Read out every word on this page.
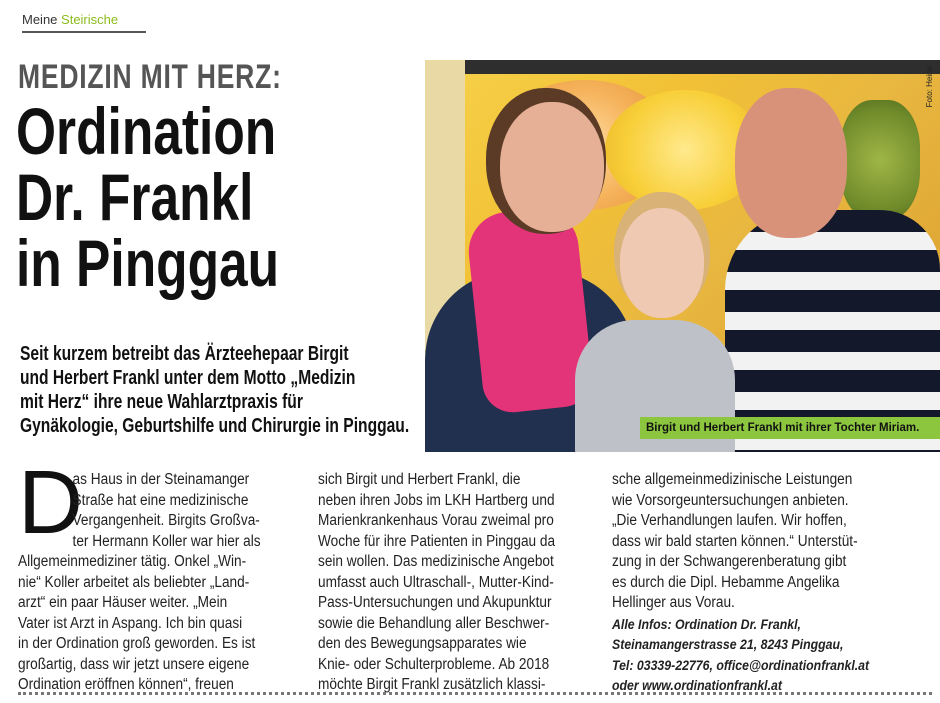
Meine Steirische
MEDIZIN MIT HERZ:
Ordination
Dr. Frankl
in Pinggau
Foto: Heine
Birgit und Herbert Frankl mit ihrer Tochter Miriam.
Seit kurzem betreibt das Ärzteehepaar Birgit
und Herbert Frankl unter dem Motto „Medizin
mit Herz“ ihre neue Wahlarztpraxis für
Gynäkologie, Geburtshilfe und Chirurgie in Pinggau.
D
as Haus in der Steinamanger
Straße hat eine medizinische
Vergangenheit. Birgits Großva-
ter Hermann Koller war hier als
Allgemeinmediziner tätig. Onkel „Win-
nie“ Koller arbeitet als beliebter „Land-
arzt“ ein paar Häuser weiter. „Mein
Vater ist Arzt in Aspang. Ich bin quasi
in der Ordination groß geworden. Es ist
großartig, dass wir jetzt unsere eigene
Ordination eröffnen können“, freuen
sich Birgit und Herbert Frankl, die
neben ihren Jobs im LKH Hartberg und
Marienkrankenhaus Vorau zweimal pro
Woche für ihre Patienten in Pinggau da
sein wollen. Das medizinische Angebot
umfasst auch Ultraschall-, Mutter-Kind-
Pass-Untersuchungen und Akupunktur
sowie die Behandlung aller Beschwer-
den des Bewegungsapparates wie
Knie- oder Schulterprobleme. Ab 2018
möchte Birgit Frankl zusätzlich klassi-
sche allgemeinmedizinische Leistungen
wie Vorsorgeuntersuchungen anbieten.
„Die Verhandlungen laufen. Wir hoffen,
dass wir bald starten können.“ Unterstüt-
zung in der Schwangerenberatung gibt
es durch die Dipl. Hebamme Angelika
Hellinger aus Vorau.
Alle Infos: Ordination Dr. Frankl,
Steinamangerstrasse 21, 8243 Pinggau,
Tel: 03339-22776, office@ordinationfrankl.at
oder www.ordinationfrankl.at
